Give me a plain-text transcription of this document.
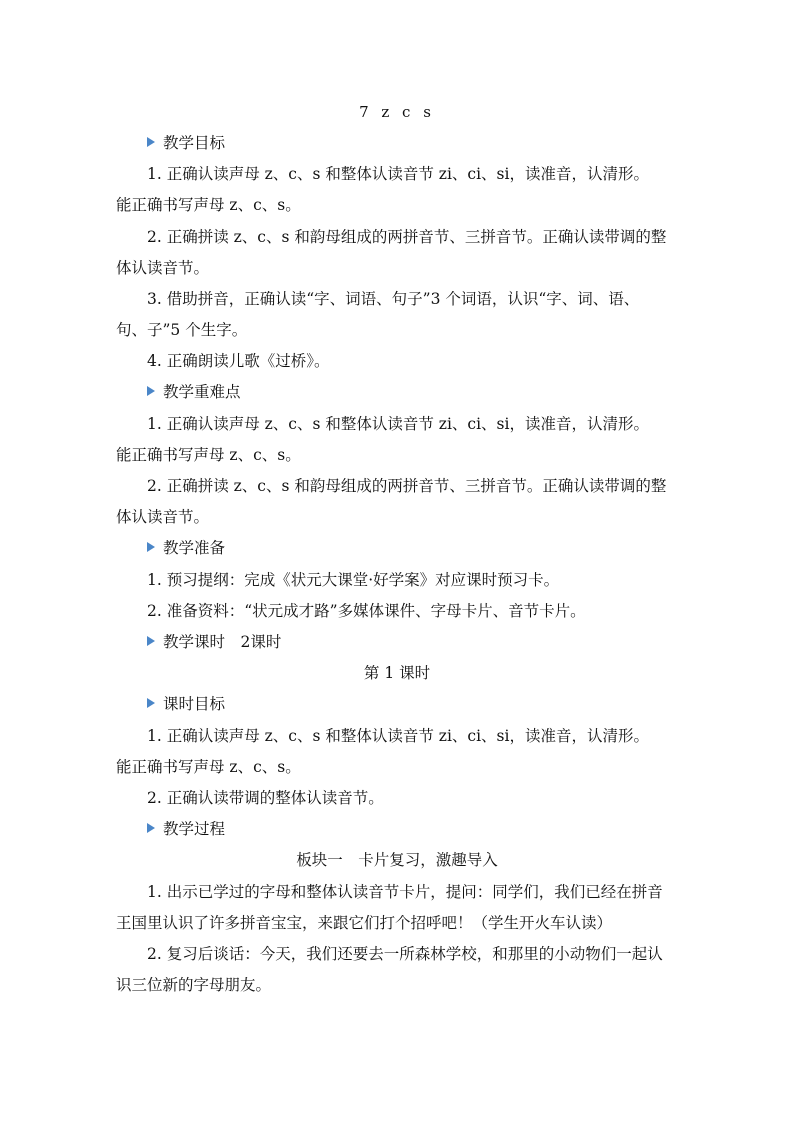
7 z c s
教学目标
1. 正确认读声母 z、c、s 和整体认读音节 zi、ci、si，读准音，认清形。
能正确书写声母 z、c、s。
2. 正确拼读 z、c、s 和韵母组成的两拼音节、三拼音节。正确认读带调的整
体认读音节。
3. 借助拼音，正确认读“字、词语、句子”3 个词语，认识“字、词、语、
句、子”5 个生字。
4. 正确朗读儿歌《过桥》。
教学重难点
1. 正确认读声母 z、c、s 和整体认读音节 zi、ci、si，读准音，认清形。
能正确书写声母 z、c、s。
2. 正确拼读 z、c、s 和韵母组成的两拼音节、三拼音节。正确认读带调的整
体认读音节。
教学准备
1. 预习提纲：完成《状元大课堂·好学案》对应课时预习卡。
2. 准备资料：“状元成才路”多媒体课件、字母卡片、音节卡片。
教学课时　2课时
第 1 课时
课时目标
1. 正确认读声母 z、c、s 和整体认读音节 zi、ci、si，读准音，认清形。
能正确书写声母 z、c、s。
2. 正确认读带调的整体认读音节。
教学过程
板块一　卡片复习，激趣导入
1. 出示已学过的字母和整体认读音节卡片，提问：同学们，我们已经在拼音
王国里认识了许多拼音宝宝，来跟它们打个招呼吧！（学生开火车认读）
2. 复习后谈话：今天，我们还要去一所森林学校，和那里的小动物们一起认
识三位新的字母朋友。
